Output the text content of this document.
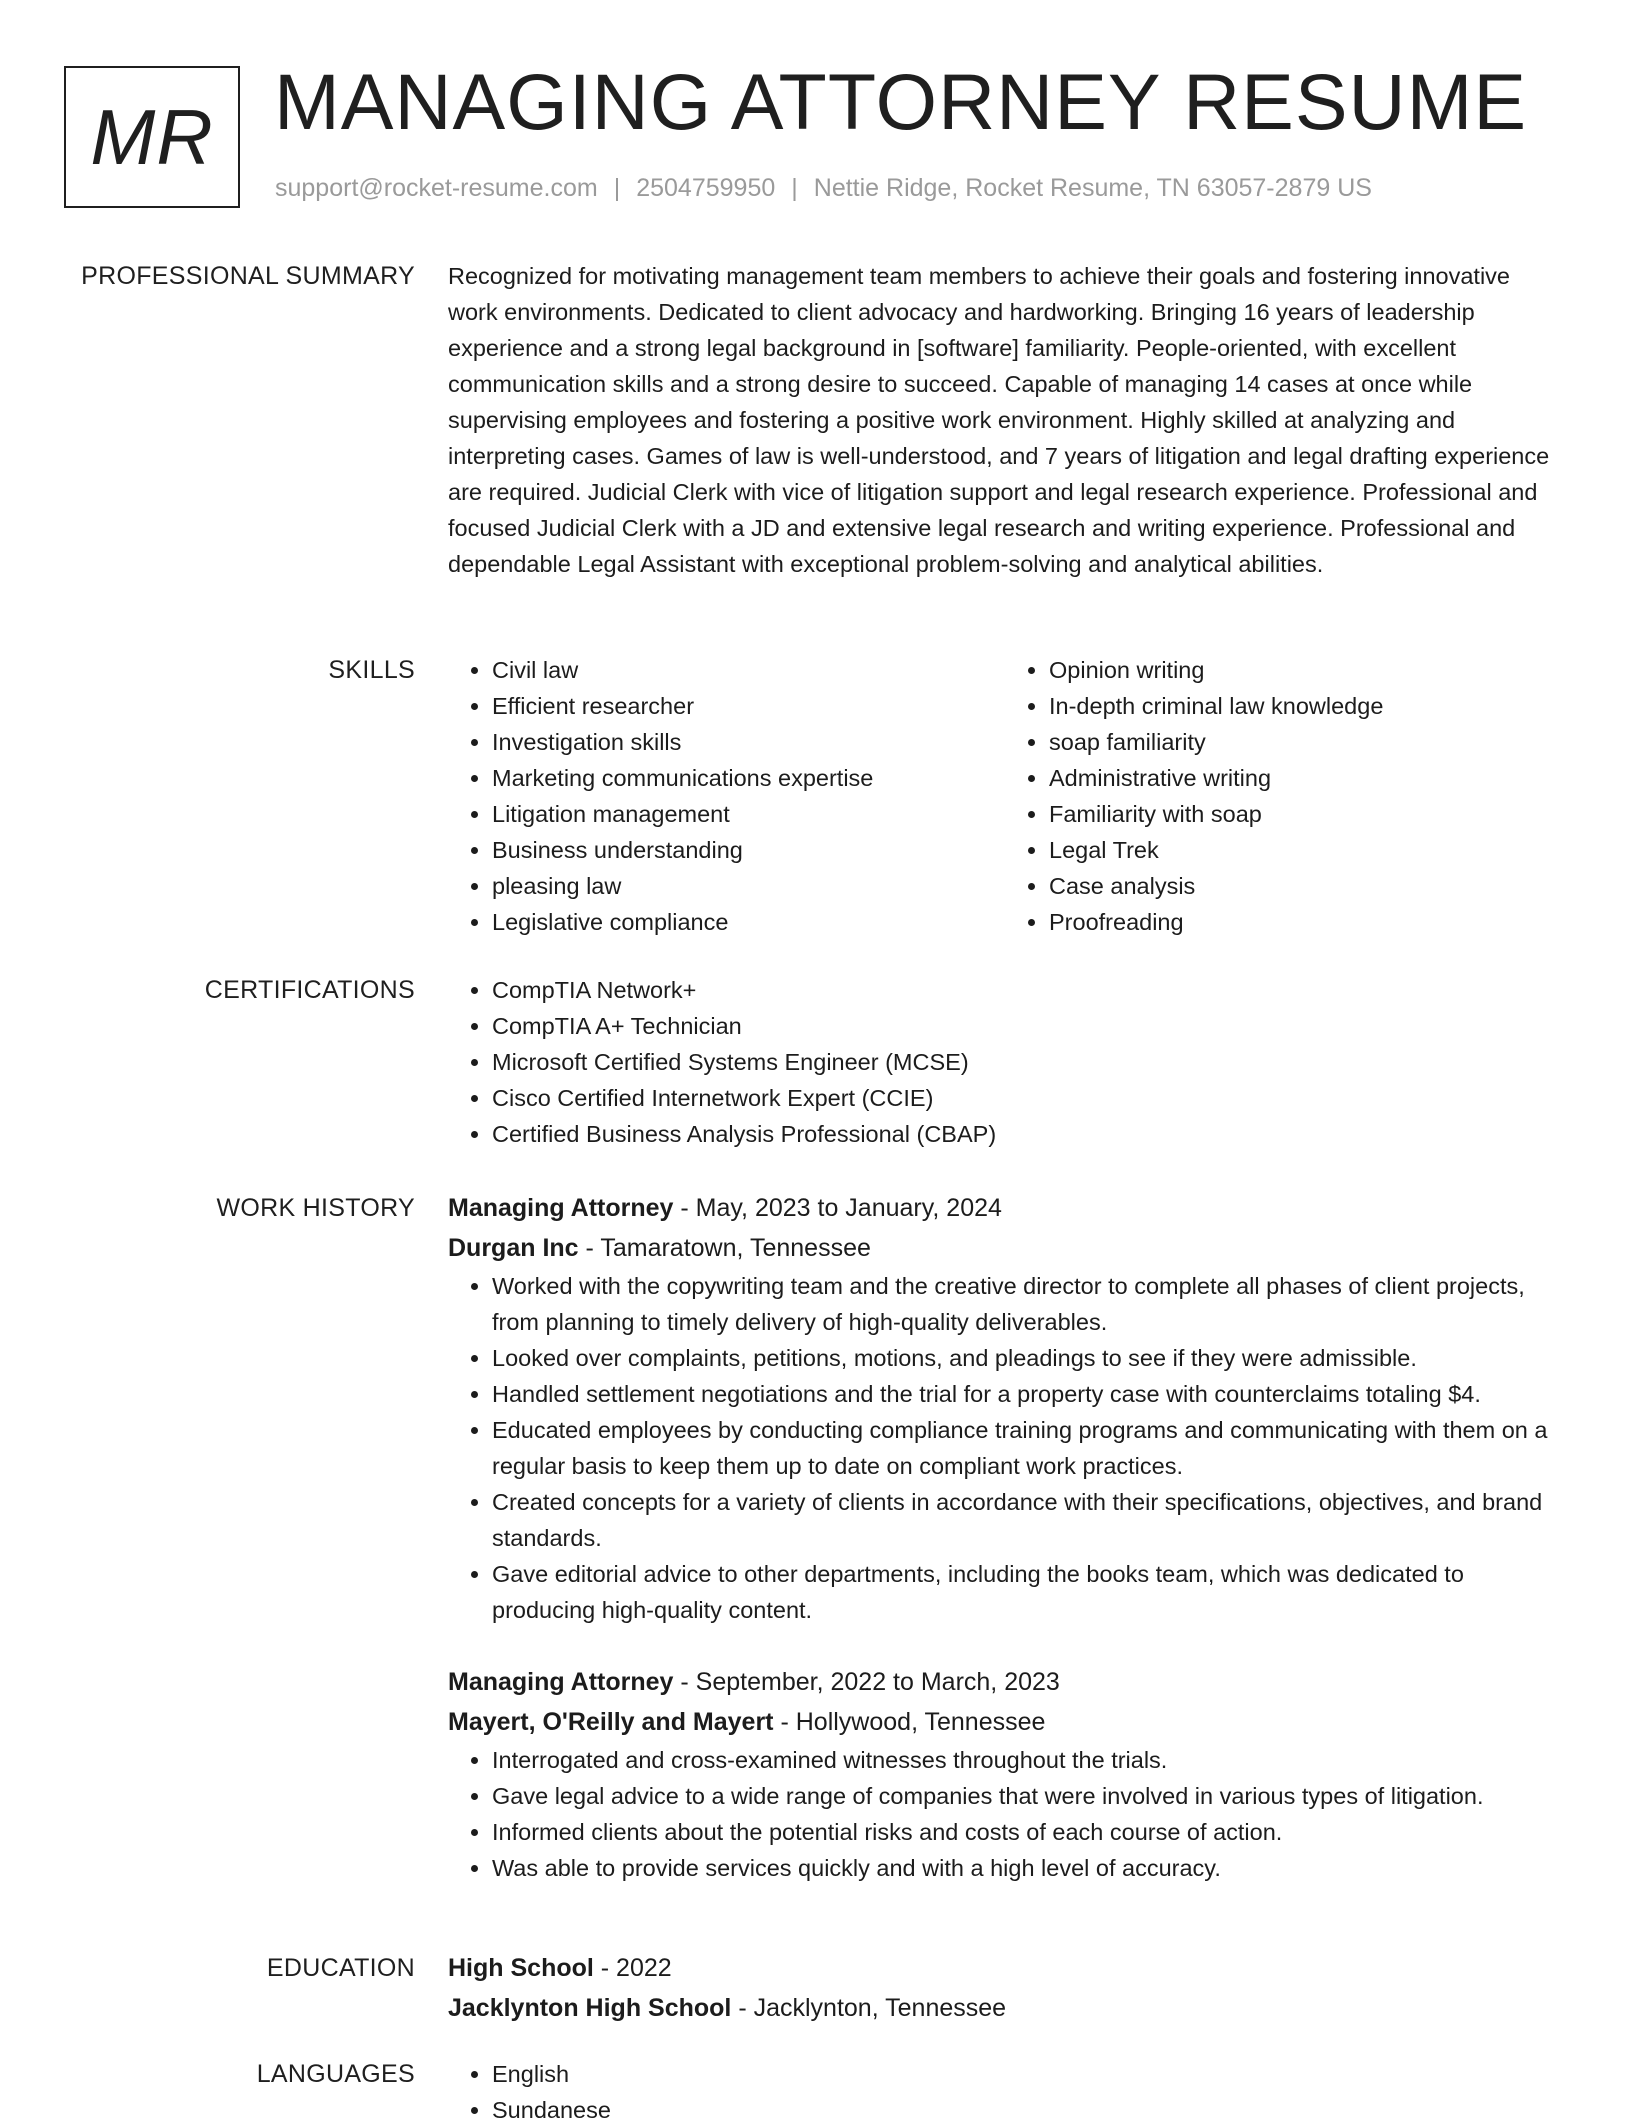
MR MANAGING ATTORNEY RESUME
support@rocket-resume.com | 2504759950 | Nettie Ridge, Rocket Resume, TN 63057-2879 US
PROFESSIONAL SUMMARY Recognized for motivating management team members to achieve their goals and fostering innovative work environments. Dedicated to client advocacy and hardworking. Bringing 16 years of leadership experience and a strong legal background in [software] familiarity. People-oriented, with excellent communication skills and a strong desire to succeed. Capable of managing 14 cases at once while supervising employees and fostering a positive work environment. Highly skilled at analyzing and interpreting cases. Games of law is well-understood, and 7 years of litigation and legal drafting experience are required. Judicial Clerk with vice of litigation support and legal research experience. Professional and focused Judicial Clerk with a JD and extensive legal research and writing experience. Professional and dependable Legal Assistant with exceptional problem-solving and analytical abilities.

SKILLS	• Civil law
• Efficient researcher
• Investigation skills
• Marketing communications expertise
• Litigation management
• Business understanding
• pleasing law
• Legislative compliance
• Opinion writing
• In-depth criminal law knowledge
• soap familiarity
• Administrative writing
• Familiarity with soap
• Legal Trek
• Case analysis
• Proofreading
CERTIFICATIONS	• CompTIA Network+
• CompTIA A+ Technician
• Microsoft Certified Systems Engineer (MCSE)
• Cisco Certified Internetwork Expert (CCIE)
• Certified Business Analysis Professional (CBAP)
WORK HISTORY Managing Attorney - May, 2023 to January, 2024
Durgan Inc - Tamaratown, Tennessee
• Worked with the copywriting team and the creative director to complete all phases of client projects, from planning to timely delivery of high-quality deliverables.
• Looked over complaints, petitions, motions, and pleadings to see if they were admissible.
• Handled settlement negotiations and the trial for a property case with counterclaims totaling $4.
• Educated employees by conducting compliance training programs and communicating with them on a regular basis to keep them up to date on compliant work practices.
• Created concepts for a variety of clients in accordance with their specifications, objectives, and brand standards.
• Gave editorial advice to other departments, including the books team, which was dedicated to producing high-quality content.
Managing Attorney - September, 2022 to March, 2023
Mayert, O'Reilly and Mayert - Hollywood, Tennessee
• Interrogated and cross-examined witnesses throughout the trials.
• Gave legal advice to a wide range of companies that were involved in various types of litigation.
• Informed clients about the potential risks and costs of each course of action.
• Was able to provide services quickly and with a high level of accuracy.
EDUCATION High School - 2022
Jacklynton High School - Jacklynton, Tennessee
LANGUAGES	• English
• Sundanese
